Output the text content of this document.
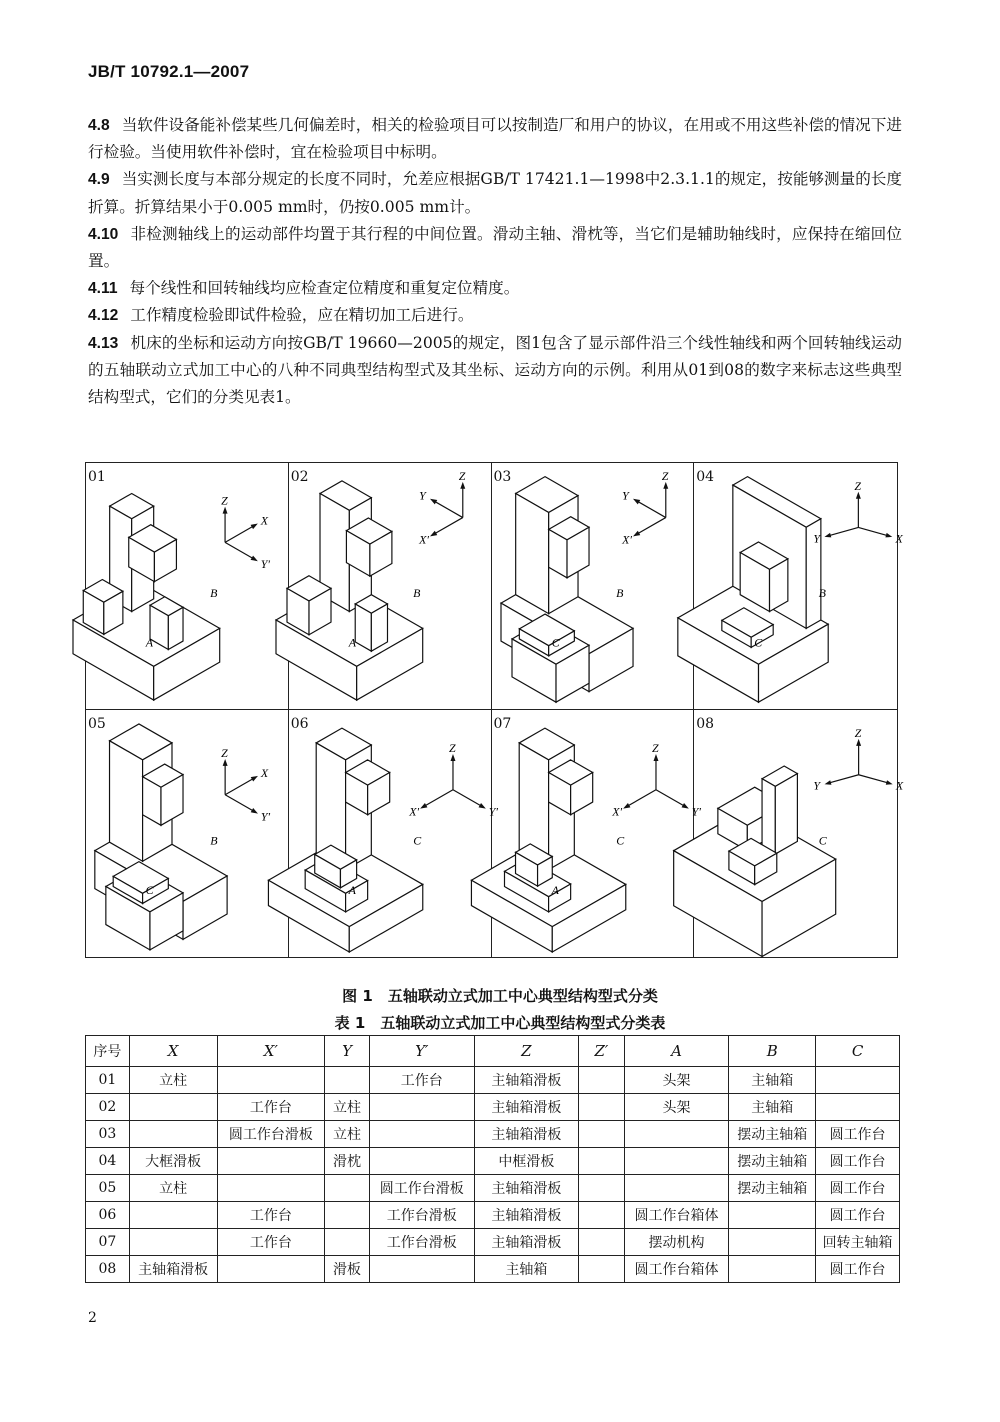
JB/T 10792.1—2007

4.8 当软件设备能补偿某些几何偏差时，相关的检验项目可以按制造厂和用户的协议，在用或不用这些补偿的情况下进行检验。当使用软件补偿时，宜在检验项目中标明。

4.9 当实测长度与本部分规定的长度不同时，允差应根据GB/T 17421.1—1998中2.3.1.1的规定，按能够测量的长度折算。折算结果小于0.005 mm时，仍按0.005 mm计。

4.10 非检测轴线上的运动部件均置于其行程的中间位置。滑动主轴、滑枕等，当它们是辅助轴线时，应保持在缩回位置。

4.11 每个线性和回转轴线均应检查定位精度和重复定位精度。

4.12 工作精度检验即试件检验，应在精切加工后进行。

4.13 机床的坐标和运动方向按GB/T 19660—2005的规定，图1包含了显示部件沿三个线性轴线和两个回转轴线运动的五轴联动立式加工中心的八种不同典型结构型式及其坐标、运动方向的示例。利用从01到08的数字来标志这些典型结构型式，它们的分类见表1。

B
A
Z
X
Y′
01
B
A
Z
Y
X′
02
B
C
Z
Y
X′
03
B
C
Z
Y	X
04
B
C
Z
X
Y′
05
C
A
Z
X′	Y′
06
C
A
Z
X′	Y′
07
C
Z
Y	X
08
图 1　五轴联动立式加工中心典型结构型式分类
表 1　五轴联动立式加工中心典型结构型式分类表
序号	X	X′	Y	Y′	Z	Z′	A	B	C
01	立柱			工作台	主轴箱滑板		头架	主轴箱	
02		工作台	立柱		主轴箱滑板		头架	主轴箱	
03		圆工作台滑板	立柱		主轴箱滑板			摆动主轴箱	圆工作台
04	大框滑板		滑枕		中框滑板			摆动主轴箱	圆工作台
05	立柱			圆工作台滑板	主轴箱滑板			摆动主轴箱	圆工作台
06		工作台		工作台滑板	主轴箱滑板		圆工作台箱体		圆工作台
07		工作台		工作台滑板	主轴箱滑板		摆动机构		回转主轴箱
08	主轴箱滑板		滑板		主轴箱		圆工作台箱体		圆工作台
2
